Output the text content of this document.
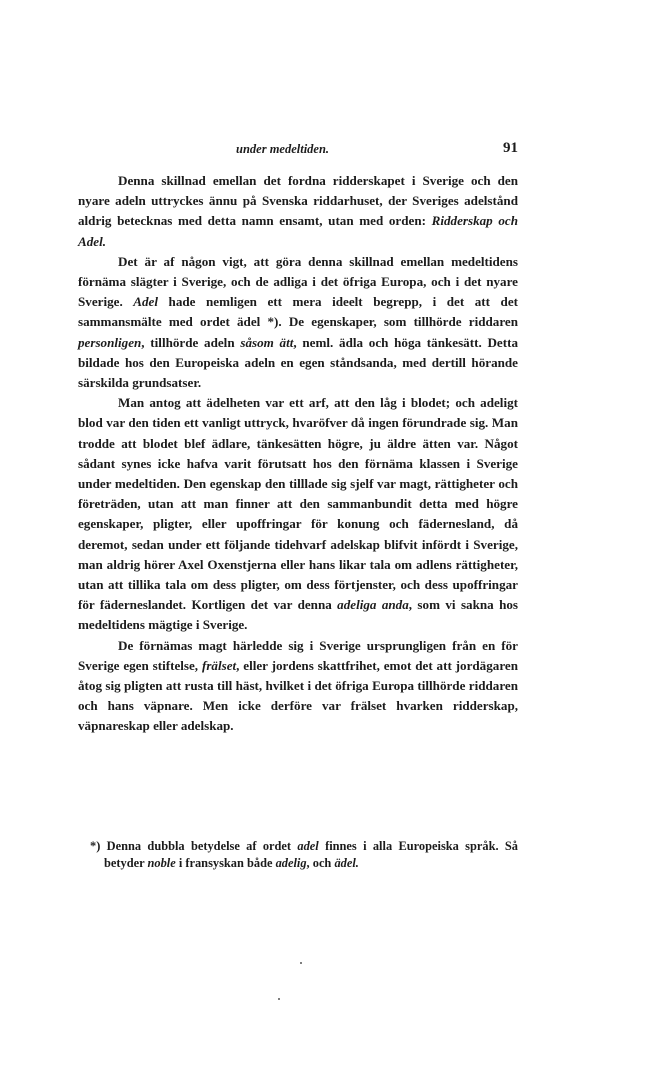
under medeltiden.	91

Denna skillnad emellan det fordna ridderskapet i Sverige och den nyare adeln uttryckes ännu på Svenska riddarhuset, der Sveriges adelstånd aldrig betecknas med detta namn ensamt, utan med orden: Ridderskap och Adel.

Det är af någon vigt, att göra denna skillnad emellan medeltidens förnäma slägter i Sverige, och de adliga i det öfriga Europa, och i det nyare Sverige. Adel hade nemligen ett mera ideelt begrepp, i det att det sammansmälte med ordet ädel *). De egenskaper, som tillhörde riddaren personligen, tillhörde adeln såsom ätt, neml. ädla och höga tänkesätt. Detta bildade hos den Europeiska adeln en egen ståndsanda, med dertill hörande särskilda grundsatser.

Man antog att ädelheten var ett arf, att den låg i blodet; och adeligt blod var den tiden ett vanligt uttryck, hvaröfver då ingen förundrade sig. Man trodde att blodet blef ädlare, tänkesätten högre, ju äldre ätten var. Något sådant synes icke hafva varit förutsatt hos den förnäma klassen i Sverige under medeltiden. Den egenskap den tilllade sig sjelf var magt, rättigheter och företräden, utan att man finner att den sammanbundit detta med högre egenskaper, pligter, eller upoffringar för konung och fädernesland, då deremot, sedan under ett följande tidehvarf adelskap blifvit infördt i Sverige, man aldrig hörer Axel Oxenstjerna eller hans likar tala om adlens rättigheter, utan att tillika tala om dess pligter, om dess förtjenster, och dess upoffringar för fäderneslandet. Kortligen det var denna adeliga anda, som vi sakna hos medeltidens mägtige i Sverige.

De förnämas magt härledde sig i Sverige ursprungligen från en för Sverige egen stiftelse, frälset, eller jordens skattfrihet, emot det att jordägaren åtog sig pligten att rusta till häst, hvilket i det öfriga Europa tillhörde riddaren och hans väpnare. Men icke derföre var frälset hvarken ridderskap, väpnareskap eller adelskap.

*) Denna dubbla betydelse af ordet adel finnes i alla Europeiska språk. Så betyder noble i fransyskan både adelig, och ädel.
